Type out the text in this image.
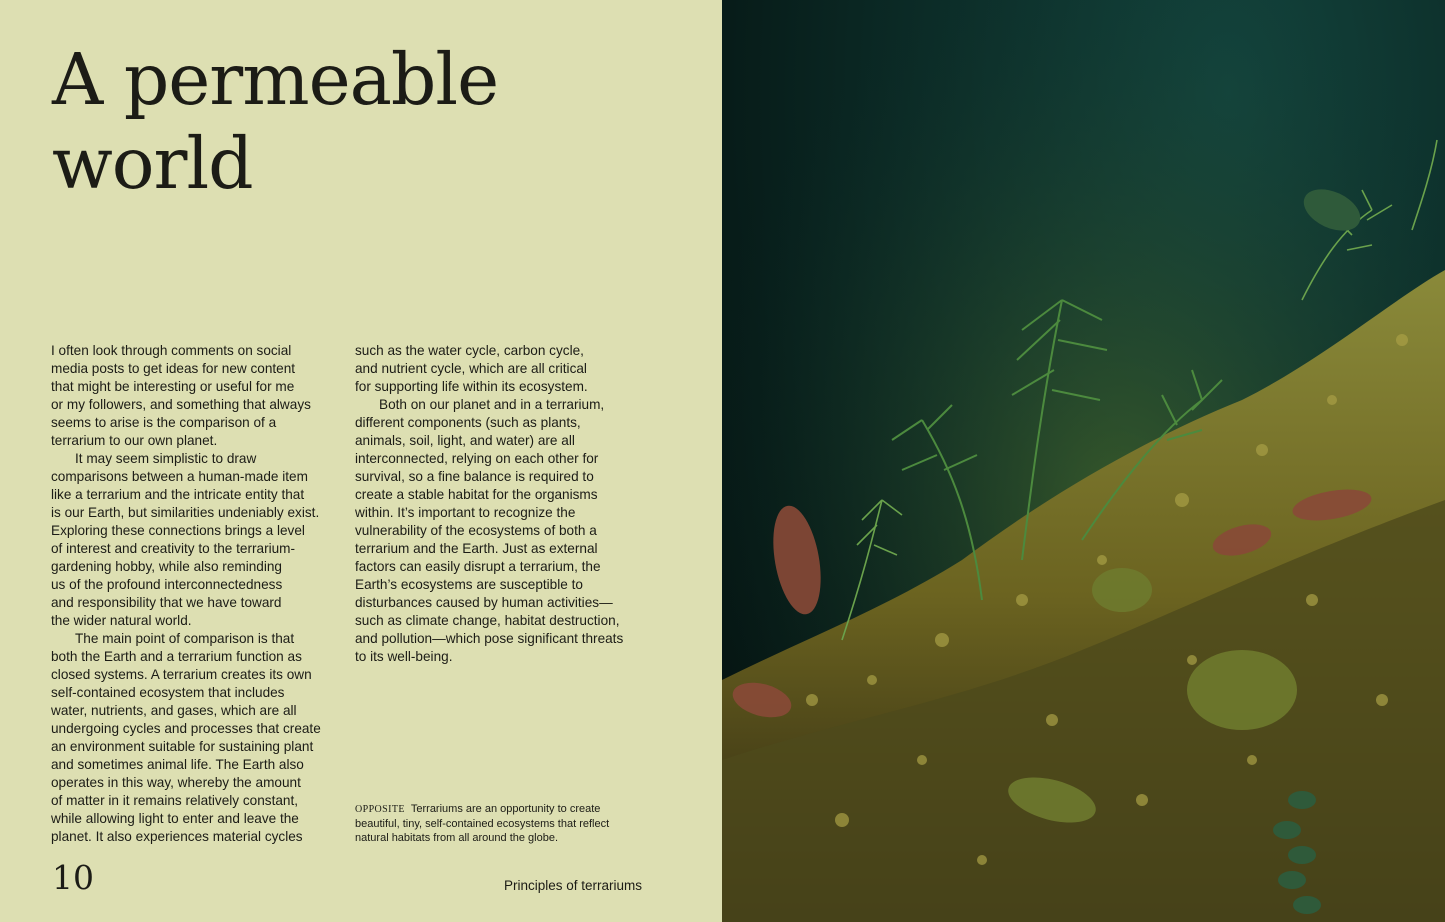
A permeable
world
I often look through comments on social
media posts to get ideas for new content
that might be interesting or useful for me
or my followers, and something that always
seems to arise is the comparison of a
terrarium to our own planet.
It may seem simplistic to draw
comparisons between a human-made item
like a terrarium and the intricate entity that
is our Earth, but similarities undeniably exist.
Exploring these connections brings a level
of interest and creativity to the terrarium-
gardening hobby, while also reminding
us of the profound interconnectedness
and responsibility that we have toward
the wider natural world.
The main point of comparison is that
both the Earth and a terrarium function as
closed systems. A terrarium creates its own
self-contained ecosystem that includes
water, nutrients, and gases, which are all
undergoing cycles and processes that create
an environment suitable for sustaining plant
and sometimes animal life. The Earth also
operates in this way, whereby the amount
of matter in it remains relatively constant,
while allowing light to enter and leave the
planet. It also experiences material cycles
such as the water cycle, carbon cycle,
and nutrient cycle, which are all critical
for supporting life within its ecosystem.
Both on our planet and in a terrarium,
different components (such as plants,
animals, soil, light, and water) are all
interconnected, relying on each other for
survival, so a fine balance is required to
create a stable habitat for the organisms
within. It’s important to recognize the
vulnerability of the ecosystems of both a
terrarium and the Earth. Just as external
factors can easily disrupt a terrarium, the
Earth’s ecosystems are susceptible to
disturbances caused by human activities—
such as climate change, habitat destruction,
and pollution—which pose significant threats
to its well-being.
OPPOSITE Terrariums are an opportunity to create
beautiful, tiny, self-contained ecosystems that reflect
natural habitats from all around the globe.
10	Principles of terrariums
